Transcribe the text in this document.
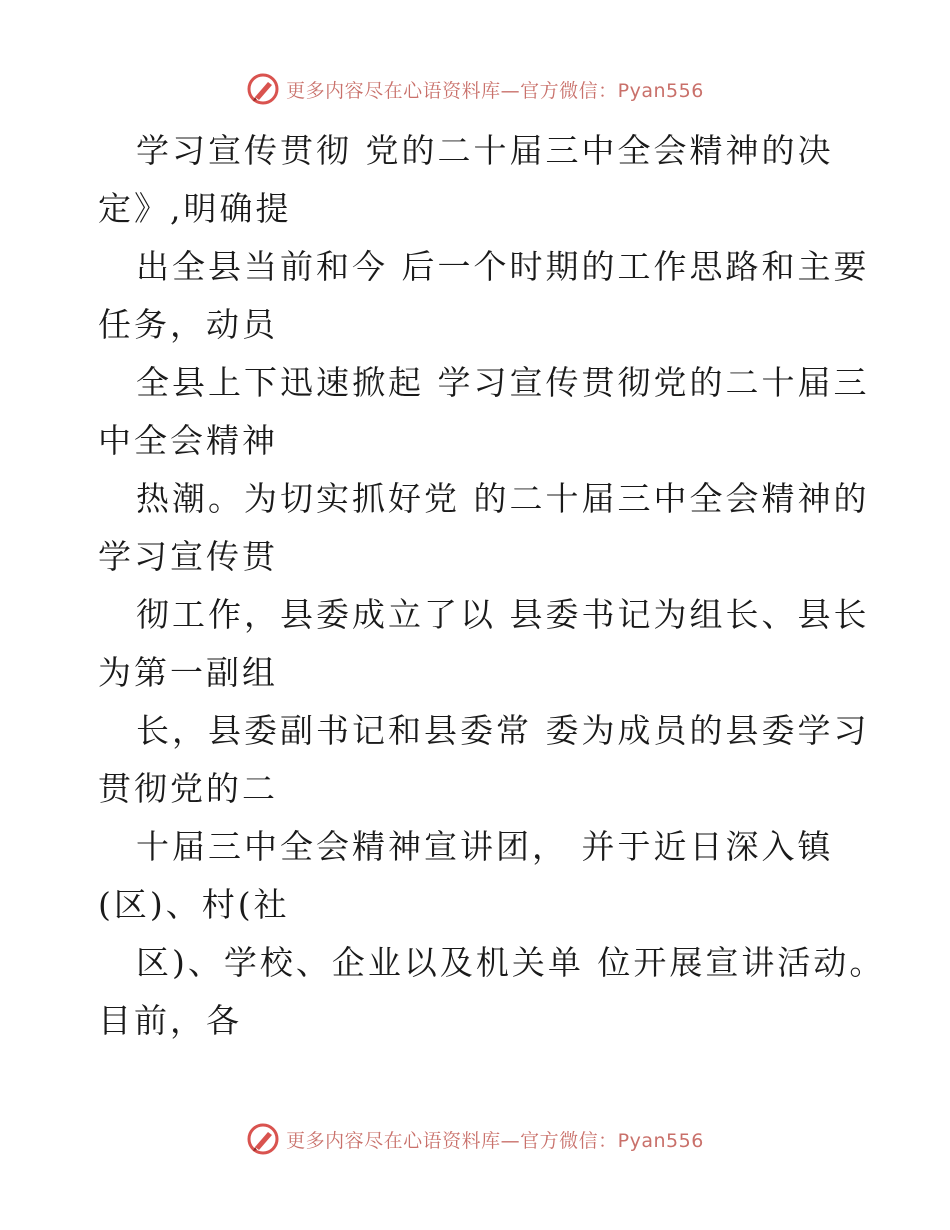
更多内容尽在心语资料库—官方微信：Pyan556

学习宣传贯彻 党的二十届三中全会精神的决
定》,明确提

出全县当前和今 后一个时期的工作思路和主要
任务，动员

全县上下迅速掀起 学习宣传贯彻党的二十届三
中全会精神

热潮。为切实抓好党 的二十届三中全会精神的
学习宣传贯

彻工作，县委成立了以 县委书记为组长、县长
为第一副组

长，县委副书记和县委常 委为成员的县委学习
贯彻党的二

十届三中全会精神宣讲团， 并于近日深入镇
(区)、村(社

区)、学校、企业以及机关单 位开展宣讲活动。
目前，各

更多内容尽在心语资料库—官方微信：Pyan556
